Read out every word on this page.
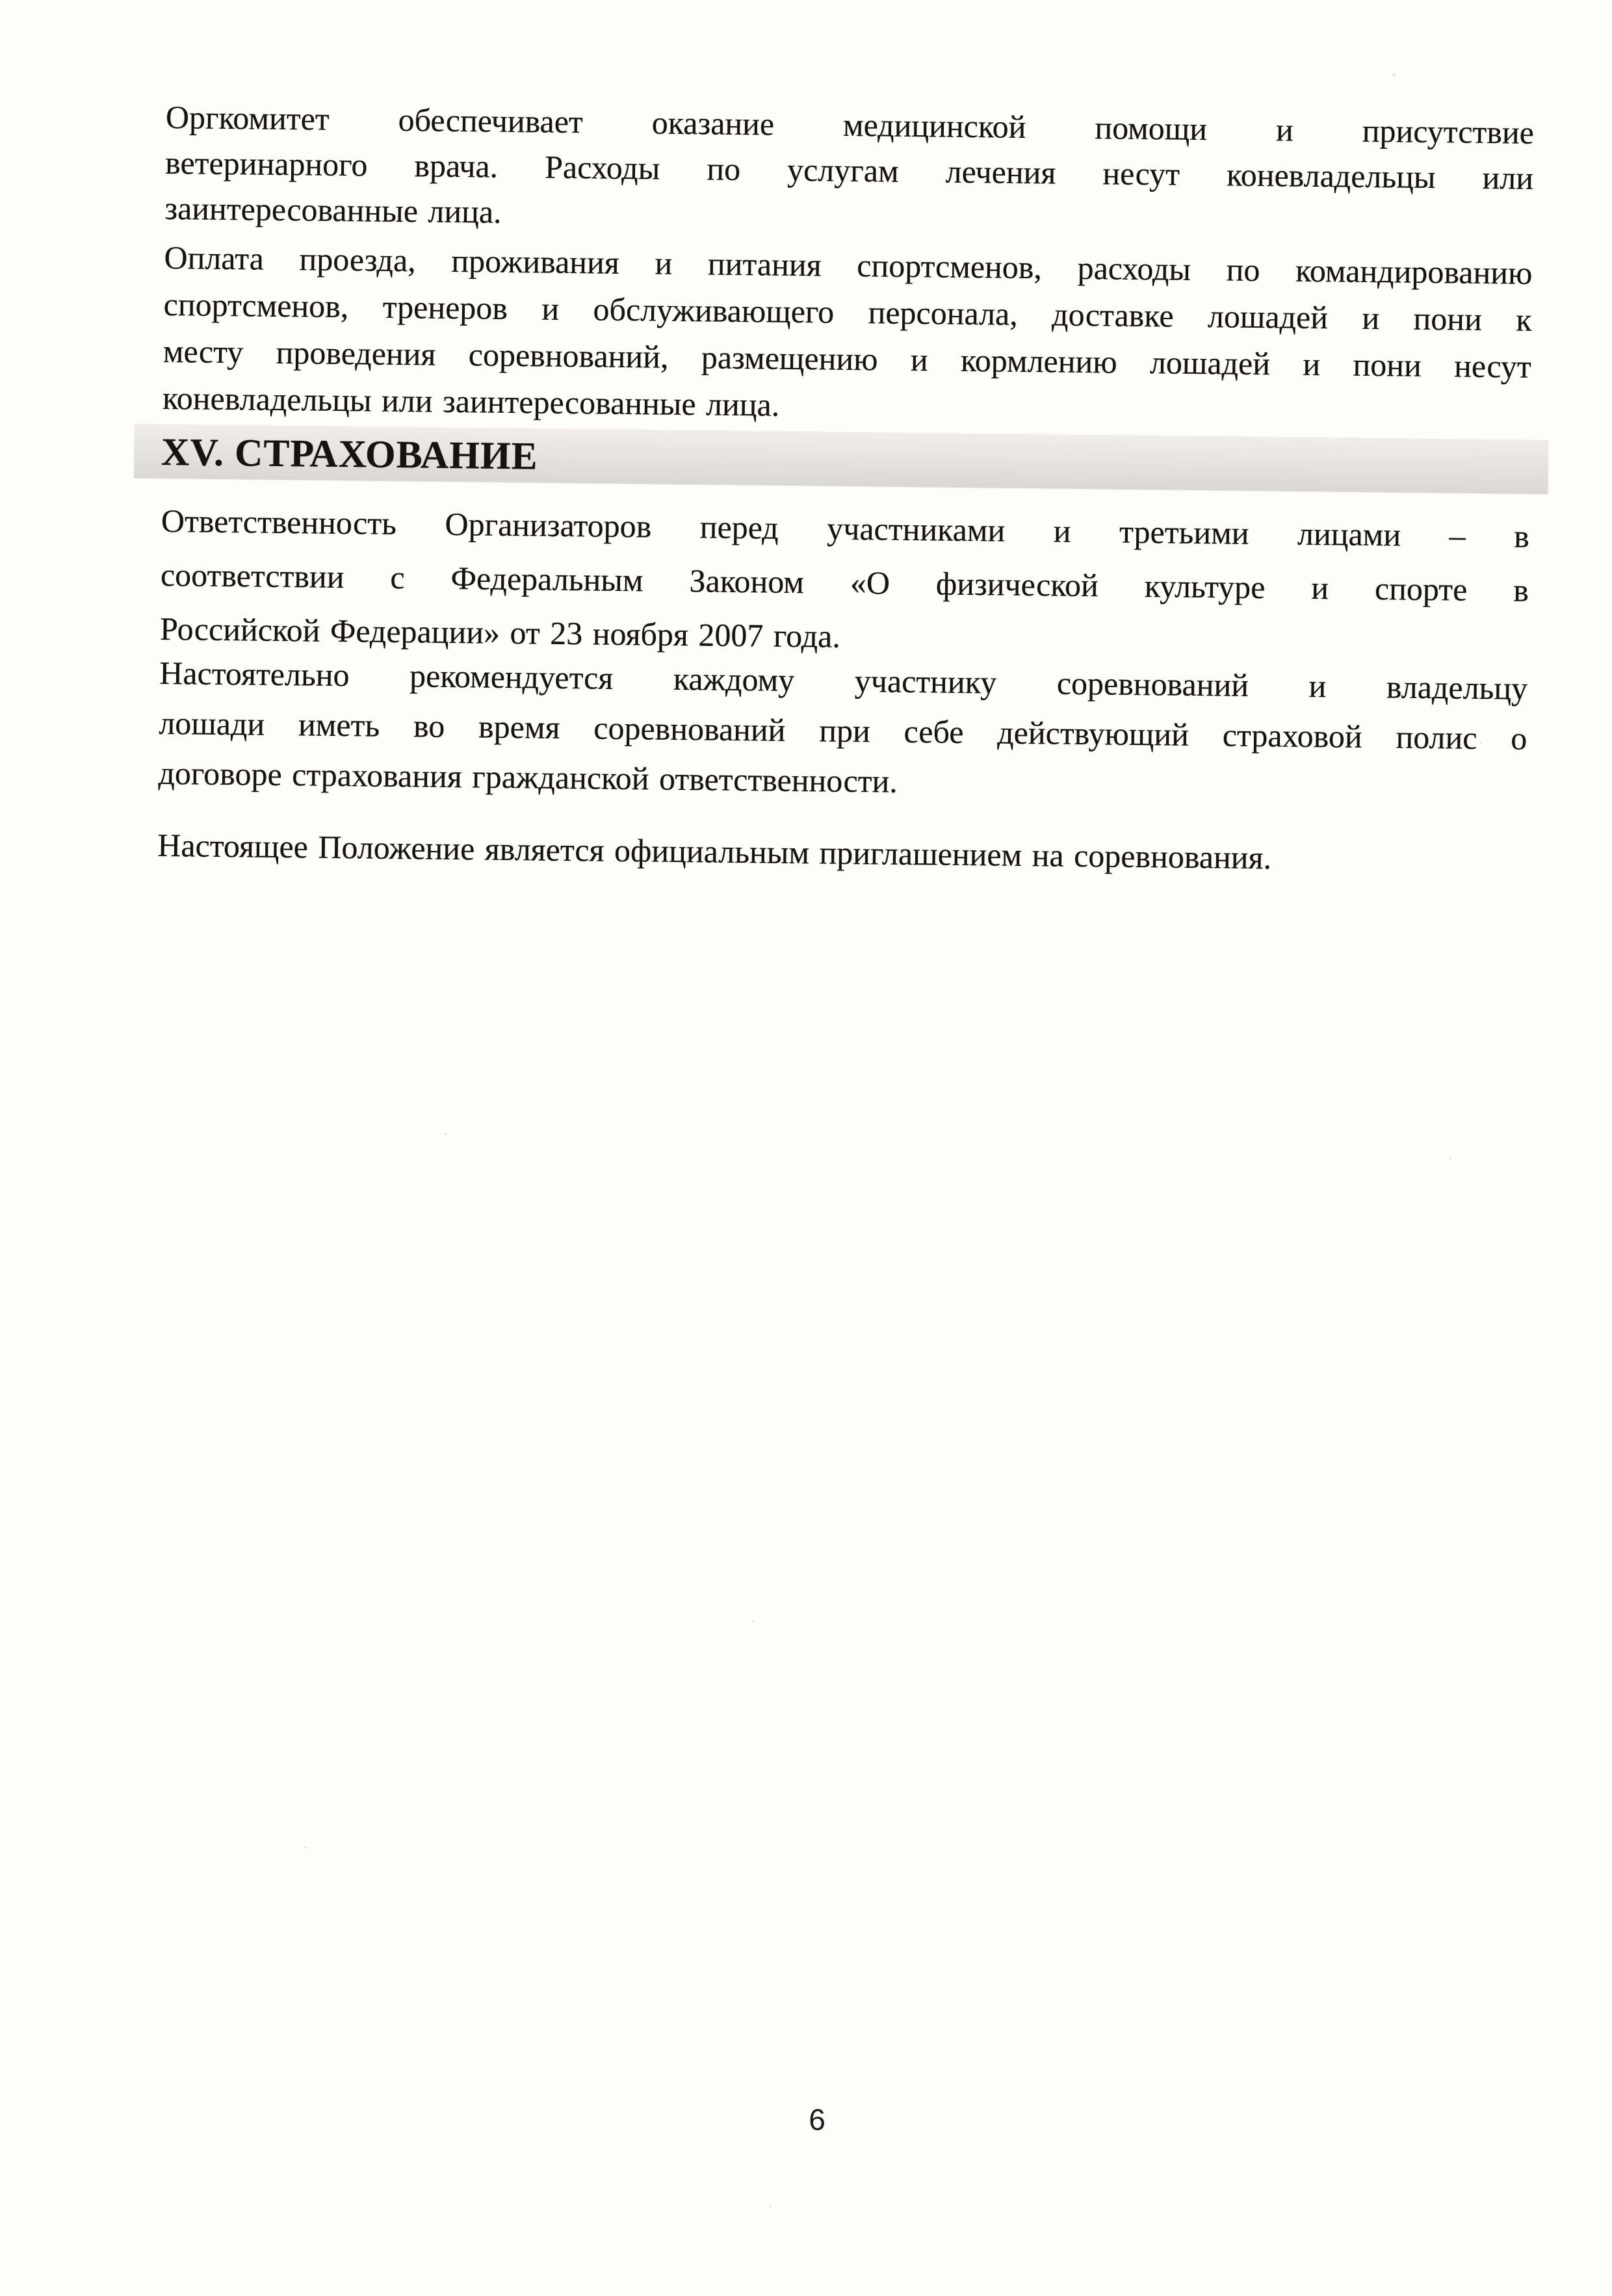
Оргкомитет обеспечивает оказание медицинской помощи и присутствие
ветеринарного врача. Расходы по услугам лечения несут коневладельцы или
заинтересованные лица.
Оплата проезда, проживания и питания спортсменов, расходы по командированию
спортсменов, тренеров и обслуживающего персонала, доставке лошадей и пони к
месту проведения соревнований, размещению и кормлению лошадей и пони несут
коневладельцы или заинтересованные лица.
XV. СТРАХОВАНИЕ
Ответственность Организаторов перед участниками и третьими лицами – в
соответствии с Федеральным Законом «О физической культуре и спорте в
Российской Федерации» от 23 ноября 2007 года.
Настоятельно рекомендуется каждому участнику соревнований и владельцу
лошади иметь во время соревнований при себе действующий страховой полис о
договоре страхования гражданской ответственности.
Настоящее Положение является официальным приглашением на соревнования.
6
